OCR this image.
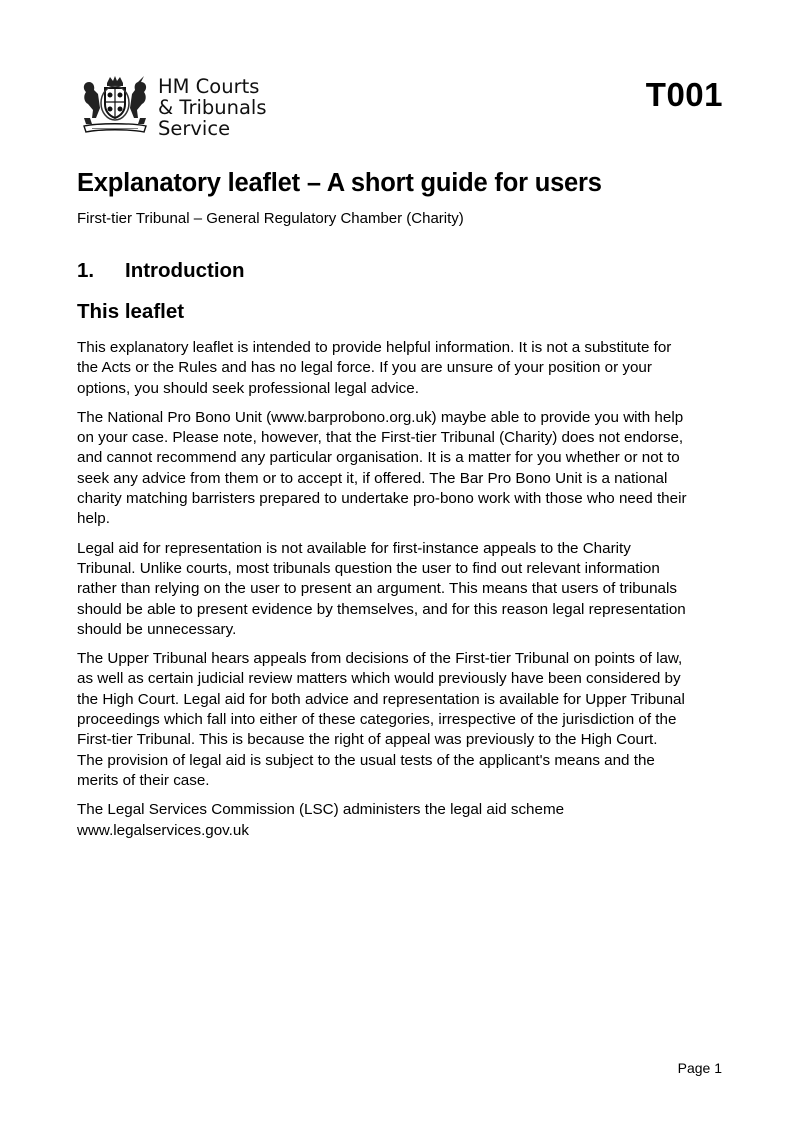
HM Courts
& Tribunals
Service
T001
Explanatory leaflet – A short guide for users

First-tier Tribunal – General Regulatory Chamber (Charity)

1. Introduction
This leaflet

This explanatory leaflet is intended to provide helpful information. It is not a substitute for
the Acts or the Rules and has no legal force. If you are unsure of your position or your
options, you should seek professional legal advice.

The National Pro Bono Unit (www.barprobono.org.uk) maybe able to provide you with help
on your case. Please note, however, that the First-tier Tribunal (Charity) does not endorse,
and cannot recommend any particular organisation. It is a matter for you whether or not to
seek any advice from them or to accept it, if offered. The Bar Pro Bono Unit is a national
charity matching barristers prepared to undertake pro-bono work with those who need their
help.

Legal aid for representation is not available for first-instance appeals to the Charity
Tribunal. Unlike courts, most tribunals question the user to find out relevant information
rather than relying on the user to present an argument. This means that users of tribunals
should be able to present evidence by themselves, and for this reason legal representation
should be unnecessary.

The Upper Tribunal hears appeals from decisions of the First-tier Tribunal on points of law,
as well as certain judicial review matters which would previously have been considered by
the High Court. Legal aid for both advice and representation is available for Upper Tribunal
proceedings which fall into either of these categories, irrespective of the jurisdiction of the
First-tier Tribunal. This is because the right of appeal was previously to the High Court.
The provision of legal aid is subject to the usual tests of the applicant's means and the
merits of their case.

The Legal Services Commission (LSC) administers the legal aid scheme
www.legalservices.gov.uk

Page 1
